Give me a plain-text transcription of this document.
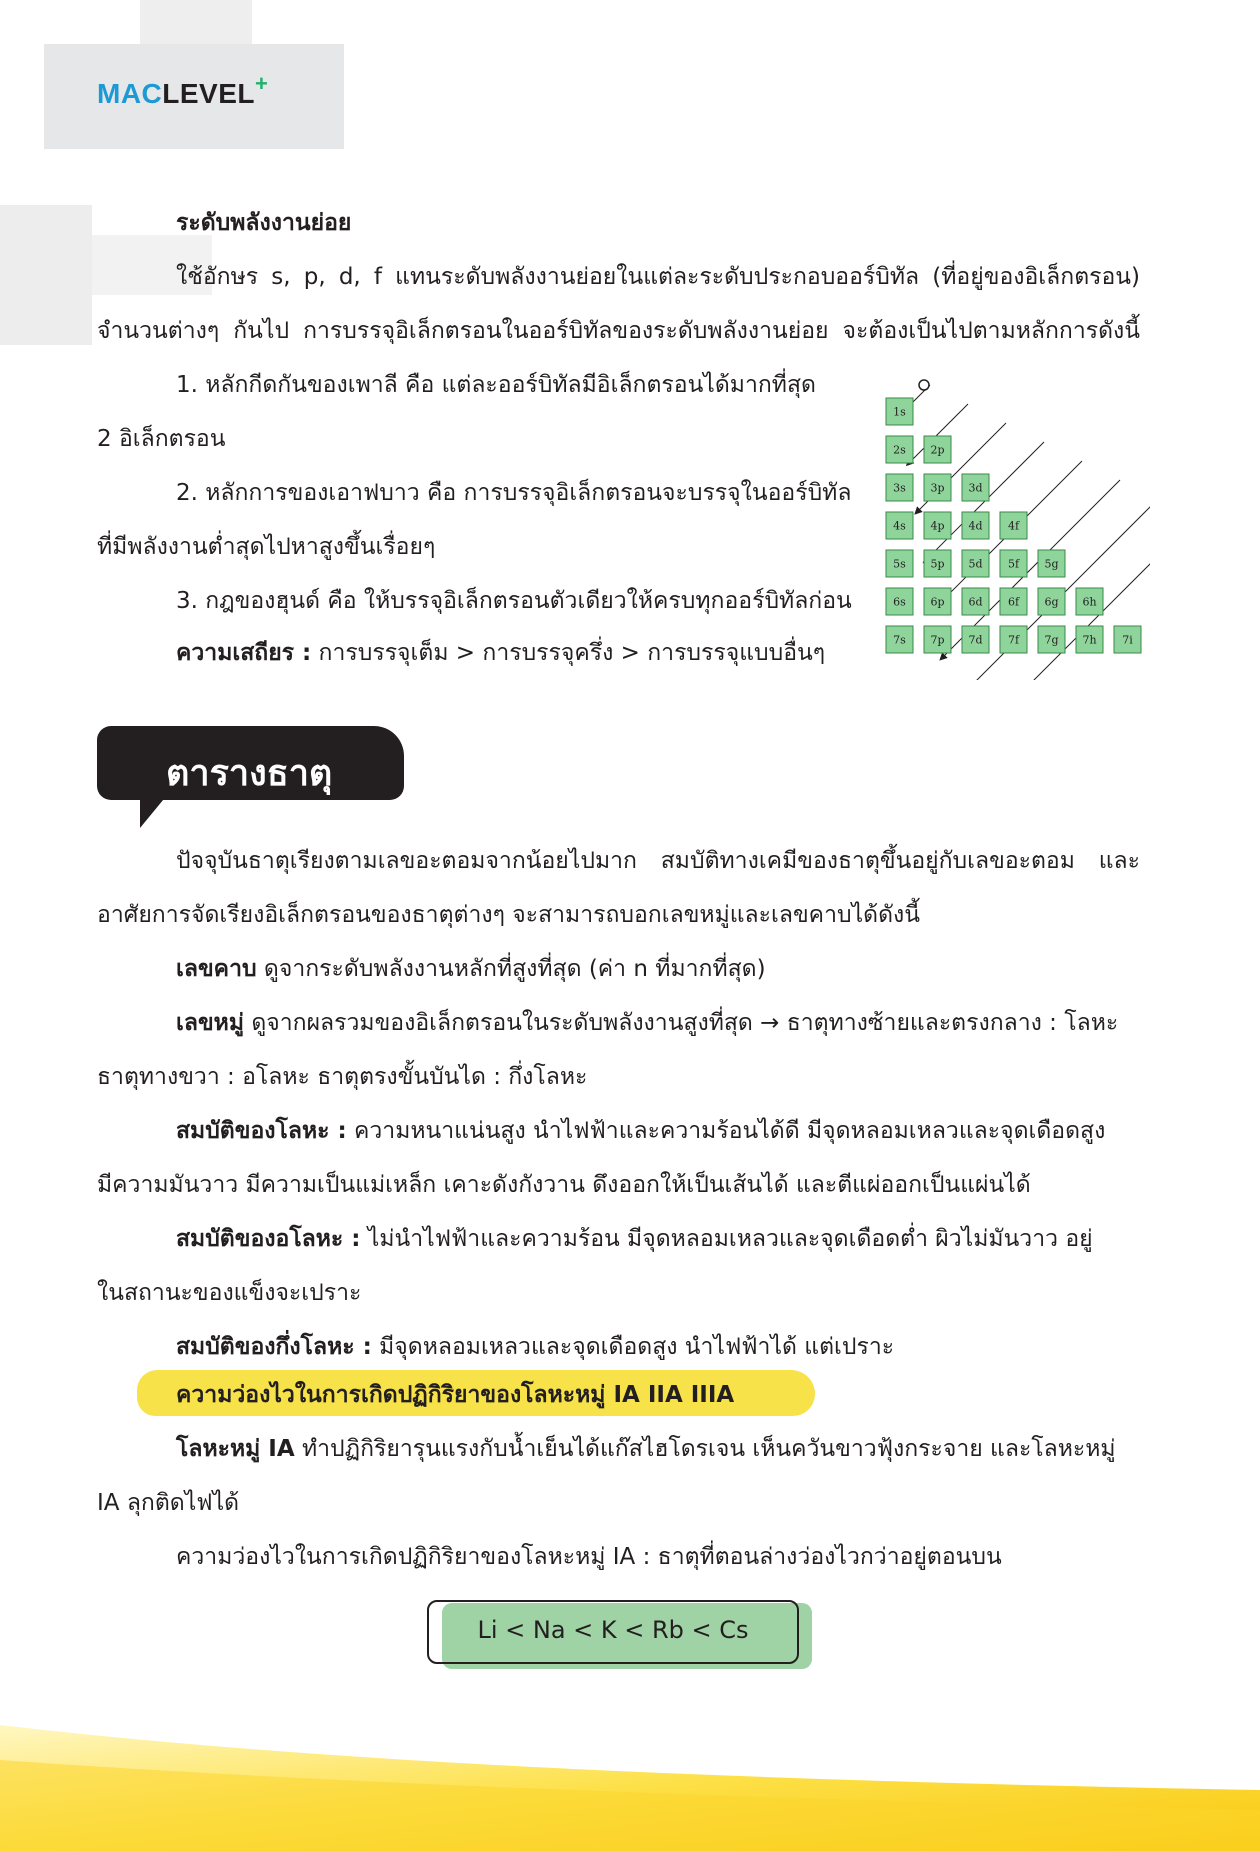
MACLEVEL+

ระดับพลังงานย่อย

ใช้อักษร s, p, d, f แทนระดับพลังงานย่อยในแต่ละระดับประกอบออร์บิทัล (ที่อยู่ของอิเล็กตรอน)

จำนวนต่างๆ กันไป การบรรจุอิเล็กตรอนในออร์บิทัลของระดับพลังงานย่อย จะต้องเป็นไปตามหลักการดังนี้

1. หลักกีดกันของเพาลี คือ แต่ละออร์บิทัลมีอิเล็กตรอนได้มากที่สุด

2 อิเล็กตรอน

2. หลักการของเอาฟบาว คือ การบรรจุอิเล็กตรอนจะบรรจุในออร์บิทัล

ที่มีพลังงานต่ำสุดไปหาสูงขึ้นเรื่อยๆ

3. กฎของฮุนด์ คือ ให้บรรจุอิเล็กตรอนตัวเดียวให้ครบทุกออร์บิทัลก่อน

ความเสถียร : การบรรจุเต็ม > การบรรจุครึ่ง > การบรรจุแบบอื่นๆ

1s
2s 2p
3s 3p 3d
4s 4p 4d 4f
5s 5p 5d 5f 5g
6s 6p 6d 6f 6g 6h
7s 7p 7d 7f 7g 7h 7i
ตารางธาตุ

ปัจจุบันธาตุเรียงตามเลขอะตอมจากน้อยไปมาก สมบัติทางเคมีของธาตุขึ้นอยู่กับเลขอะตอม และ

อาศัยการจัดเรียงอิเล็กตรอนของธาตุต่างๆ จะสามารถบอกเลขหมู่และเลขคาบได้ดังนี้

เลขคาบ ดูจากระดับพลังงานหลักที่สูงที่สุด (ค่า n ที่มากที่สุด)

เลขหมู่ ดูจากผลรวมของอิเล็กตรอนในระดับพลังงานสูงที่สุด → ธาตุทางซ้ายและตรงกลาง : โลหะ

ธาตุทางขวา : อโลหะ ธาตุตรงขั้นบันได : กึ่งโลหะ

สมบัติของโลหะ : ความหนาแน่นสูง นำไฟฟ้าและความร้อนได้ดี มีจุดหลอมเหลวและจุดเดือดสูง

มีความมันวาว มีความเป็นแม่เหล็ก เคาะดังกังวาน ดึงออกให้เป็นเส้นได้ และตีแผ่ออกเป็นแผ่นได้

สมบัติของอโลหะ : ไม่นำไฟฟ้าและความร้อน มีจุดหลอมเหลวและจุดเดือดต่ำ ผิวไม่มันวาว อยู่

ในสถานะของแข็งจะเปราะ

สมบัติของกึ่งโลหะ : มีจุดหลอมเหลวและจุดเดือดสูง นำไฟฟ้าได้ แต่เปราะ

ความว่องไวในการเกิดปฏิกิริยาของโลหะหมู่ IA IIA IIIA

โลหะหมู่ IA ทำปฏิกิริยารุนแรงกับน้ำเย็นได้แก๊สไฮโดรเจน เห็นควันขาวฟุ้งกระจาย และโลหะหมู่

IA ลุกติดไฟได้

ความว่องไวในการเกิดปฏิกิริยาของโลหะหมู่ IA : ธาตุที่ตอนล่างว่องไวกว่าอยู่ตอนบน

Li < Na < K < Rb < Cs
